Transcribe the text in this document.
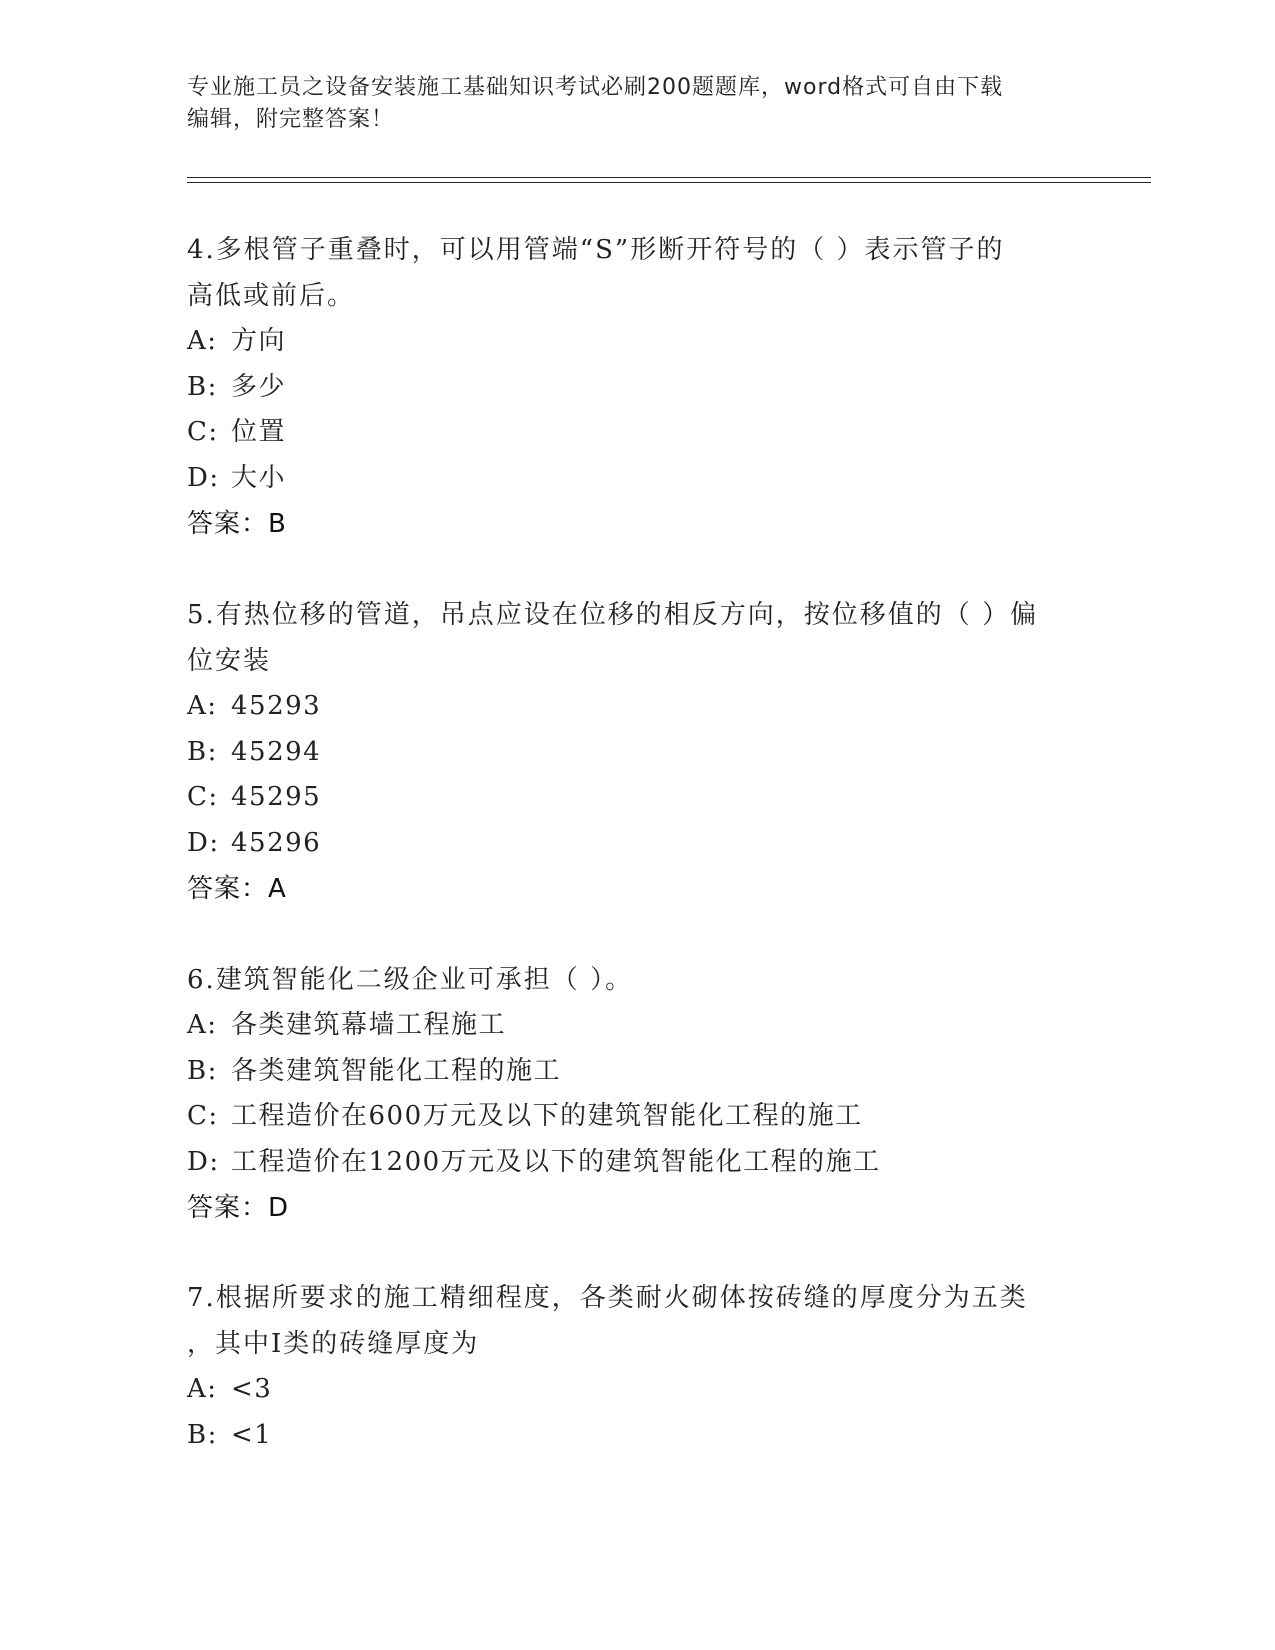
专业施工员之设备安装施工基础知识考试必刷200题题库，word格式可自由下载
编辑，附完整答案！
4.多根管子重叠时，可以用管端“S”形断开符号的（ ）表示管子的
高低或前后。
A: 方向
B: 多少
C: 位置
D: 大小
答案：B
5.有热位移的管道，吊点应设在位移的相反方向，按位移值的（ ）偏
位安装
A: 45293
B: 45294
C: 45295
D: 45296
答案：A
6.建筑智能化二级企业可承担（ ）。
A: 各类建筑幕墙工程施工
B: 各类建筑智能化工程的施工
C: 工程造价在600万元及以下的建筑智能化工程的施工
D: 工程造价在1200万元及以下的建筑智能化工程的施工
答案：D
7.根据所要求的施工精细程度，各类耐火砌体按砖缝的厚度分为五类
，其中I类的砖缝厚度为
A: <3
B: <1
